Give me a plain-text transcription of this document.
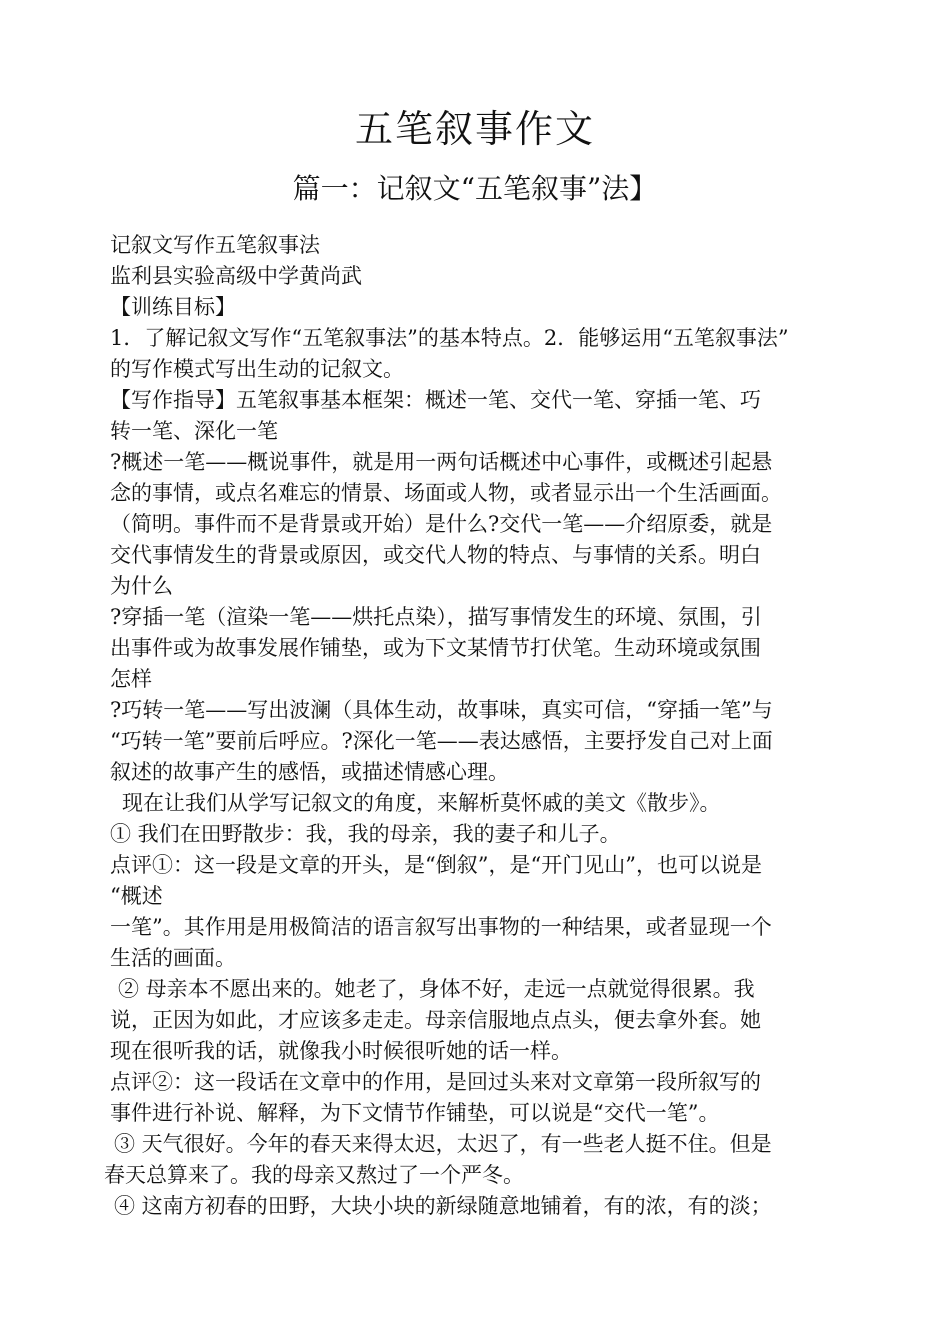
五笔叙事作文
篇一：记叙文“五笔叙事”法】
记叙文写作五笔叙事法
监利县实验高级中学黄尚武
【训练目标】
1．了解记叙文写作“五笔叙事法”的基本特点。2．能够运用“五笔叙事法”
的写作模式写出生动的记叙文。
【写作指导】五笔叙事基本框架：概述一笔、交代一笔、穿插一笔、巧
转一笔、深化一笔
?概述一笔——概说事件，就是用一两句话概述中心事件，或概述引起悬
念的事情，或点名难忘的情景、场面或人物，或者显示出一个生活画面。
（简明。事件而不是背景或开始）是什么?交代一笔——介绍原委，就是
交代事情发生的背景或原因，或交代人物的特点、与事情的关系。明白
为什么
?穿插一笔（渲染一笔——烘托点染），描写事情发生的环境、氛围，引
出事件或为故事发展作铺垫，或为下文某情节打伏笔。生动环境或氛围
怎样
?巧转一笔——写出波澜（具体生动，故事味，真实可信，“穿插一笔”与
“巧转一笔”要前后呼应。?深化一笔——表达感悟，主要抒发自己对上面
叙述的故事产生的感悟，或描述情感心理。
现在让我们从学写记叙文的角度，来解析莫怀戚的美文《散步》。
① 我们在田野散步：我，我的母亲，我的妻子和儿子。
点评①：这一段是文章的开头，是“倒叙”，是“开门见山”，也可以说是
“概述
一笔”。其作用是用极简洁的语言叙写出事物的一种结果，或者显现一个
生活的画面。
② 母亲本不愿出来的。她老了，身体不好，走远一点就觉得很累。我
说，正因为如此，才应该多走走。母亲信服地点点头，便去拿外套。她
现在很听我的话，就像我小时候很听她的话一样。
点评②：这一段话在文章中的作用，是回过头来对文章第一段所叙写的
事件进行补说、解释，为下文情节作铺垫，可以说是“交代一笔”。
③ 天气很好。今年的春天来得太迟，太迟了，有一些老人挺不住。但是
春天总算来了。我的母亲又熬过了一个严冬。
④ 这南方初春的田野，大块小块的新绿随意地铺着，有的浓，有的淡；
